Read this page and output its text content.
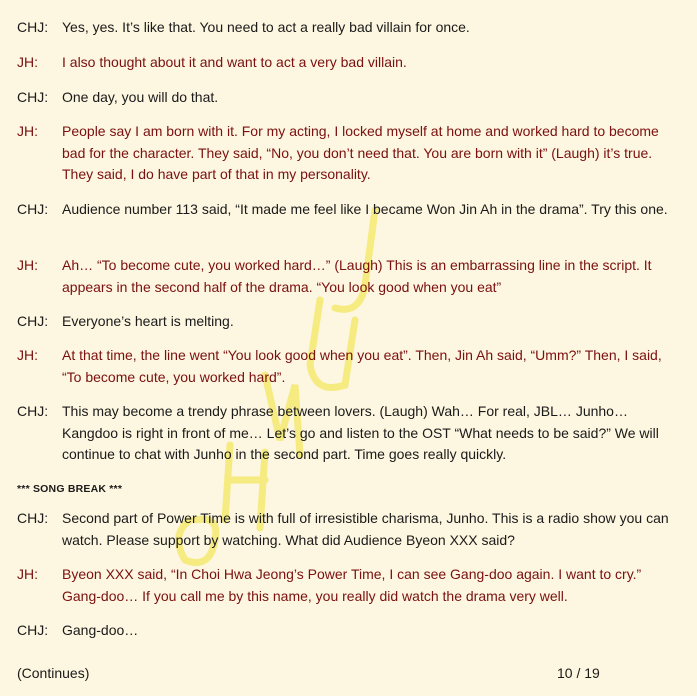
CHJ: Yes, yes. It’s like that. You need to act a really bad villain for once.
JH:	I also thought about it and want to act a very bad villain.
CHJ: One day, you will do that.
JH:	People say I am born with it. For my acting, I locked myself at home and worked hard to become bad for the character. They said, “No, you don’t need that. You are born with it” (Laugh) it’s true. They said, I do have part of that in my personality.
CHJ: Audience number 113 said, “It made me feel like I became Won Jin Ah in the drama”. Try this one.
JH:	Ah… “To become cute, you worked hard…” (Laugh) This is an embarrassing line in the script. It appears in the second half of the drama. “You look good when you eat”
CHJ: Everyone’s heart is melting.
JH:	At that time, the line went “You look good when you eat”. Then, Jin Ah said, “Umm?” Then, I said, “To become cute, you worked hard”.
CHJ: This may become a trendy phrase between lovers. (Laugh) Wah… For real, JBL… Junho… Kangdoo is right in front of me… Let’s go and listen to the OST “What needs to be said?” We will continue to chat with Junho in the second part. Time goes really quickly.
*** SONG BREAK ***
CHJ: Second part of Power Time is with full of irresistible charisma, Junho. This is a radio show you can watch. Please support by watching. What did Audience Byeon XXX said?
JH:	Byeon XXX said, “In Choi Hwa Jeong’s Power Time, I can see Gang-doo again. I want to cry.” Gang-doo… If you call me by this name, you really did watch the drama very well.
CHJ: Gang-doo…
(Continues)	10 / 19
